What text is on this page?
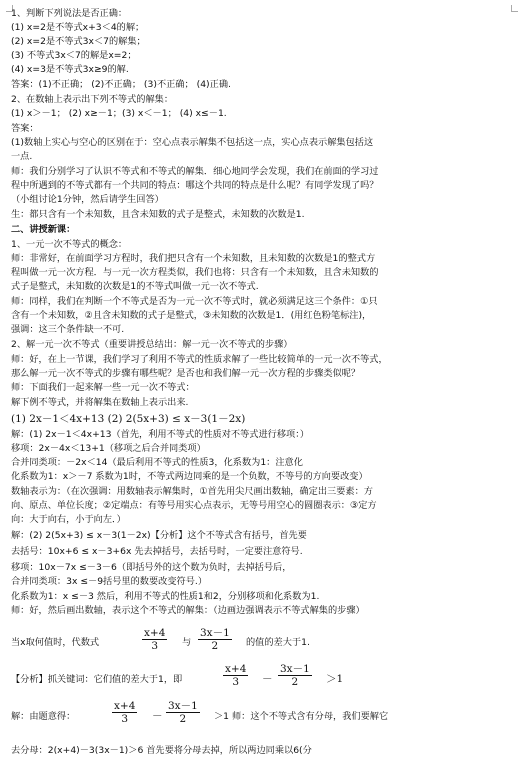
1、判断下列说法是否正确：
(1) x=2是不等式x+3＜4的解；
(2) x=2是不等式3x＜7的解集；
(3) 不等式3x＜7的解是x=2；
(4) x=3是不等式3x≥9的解.
答案：(1)不正确； (2)不正确； (3)不正确； (4)正确.
2、在数轴上表示出下列不等式的解集：
(1) x＞－1； (2) x≥－1；(3) x＜－1； (4) x≤－1.
答案：
(1)数轴上实心与空心的区别在于：空心点表示解集不包括这一点，实心点表示解集包括这
一点.
师：我们分别学习了认识不等式和不等式的解集．细心地同学会发现，我们在前面的学习过
程中所遇到的不等式都有一个共同的特点：哪这个共同的特点是什么呢？有同学发现了吗？
（小组讨论1分钟，然后请学生回答）
生：都只含有一个未知数，且含未知数的式子是整式，未知数的次数是1.
二、讲授新课：
1、一元一次不等式的概念：
师：非常好，在前面学习方程时，我们把只含有一个未知数，且未知数的次数是1的整式方
程叫做一元一次方程．与一元一次方程类似，我们也将：只含有一个未知数，且含未知数的
式子是整式，未知数的次数是1的不等式叫做一元一次不等式.
师：同样，我们在判断一个不等式是否为一元一次不等式时，就必须满足这三个条件：①只
含有一个未知数，②且含未知数的式子是整式，③未知数的次数是1．(用红色粉笔标注)，
强调：这三个条件缺一不可.
2、解一元一次不等式（重要讲授总结出：解一元一次不等式的步骤）
师：好，在上一节课，我们学习了利用不等式的性质求解了一些比较简单的一元一次不等式，
那么解一元一次不等式的步骤有哪些呢？是否也和我们解一元一次方程的步骤类似呢？
师：下面我们一起来解一些一元一次不等式：
解下例不等式，并将解集在数轴上表示出来.
(1) 2x－1＜4x+13 (2) 2(5x+3) ≤ x－3(1－2x)
解：(1) 2x－1＜4x+13（首先，利用不等式的性质对不等式进行移项：）
移项：2x－4x＜13+1（移项之后合并同类项）
合并同类项：－2x＜14（最后利用不等式的性质3，化系数为1：注意化
化系数为1：x＞－7 系数为1时，不等式两边同乘的是一个负数，不等号的方向要改变）
数轴表示为：（在次强调：用数轴表示解集时，①首先用尖尺画出数轴，确定出三要素：方
向、原点、单位长度；②定端点：有等号用实心点表示，无等号用空心的圆圈表示：③定方
向：大于向右，小于向左．）
解：(2) 2(5x+3) ≤ x－3(1－2x)【分析】这个不等式含有括号，首先要
去括号：10x+6 ≤ x－3+6x 先去掉括号，去括号时，一定要注意符号.
移项：10x－7x ≤－3－6（即括号外的这个数为负时，去掉括号后，
合并同类项：3x ≤－9括号里的数要改变符号.）
化系数为1：x ≤－3 然后，利用不等式的性质1和2，分别移项和化系数为1.
师：好，然后画出数轴，表示这个不等式的解集：（边画边强调表示不等式解集的步骤）
当x取何值时，代数式	$\frac{x+4}{3}$ 与 $\frac{3x-1}{2}$ 的值的差大于1.
【分析】抓关键词：它们值的差大于1，即	$\frac{x+4}{3} - \frac{3x-1}{2} >1$
解：由题意得：	$\frac{x+4}{3} - \frac{3x-1}{2} >1$ 师：这个不等式含有分母，我们要解它
去分母：2(x+4)－3(3x－1)＞6 首先要将分母去掉，所以两边同乘以6(分
